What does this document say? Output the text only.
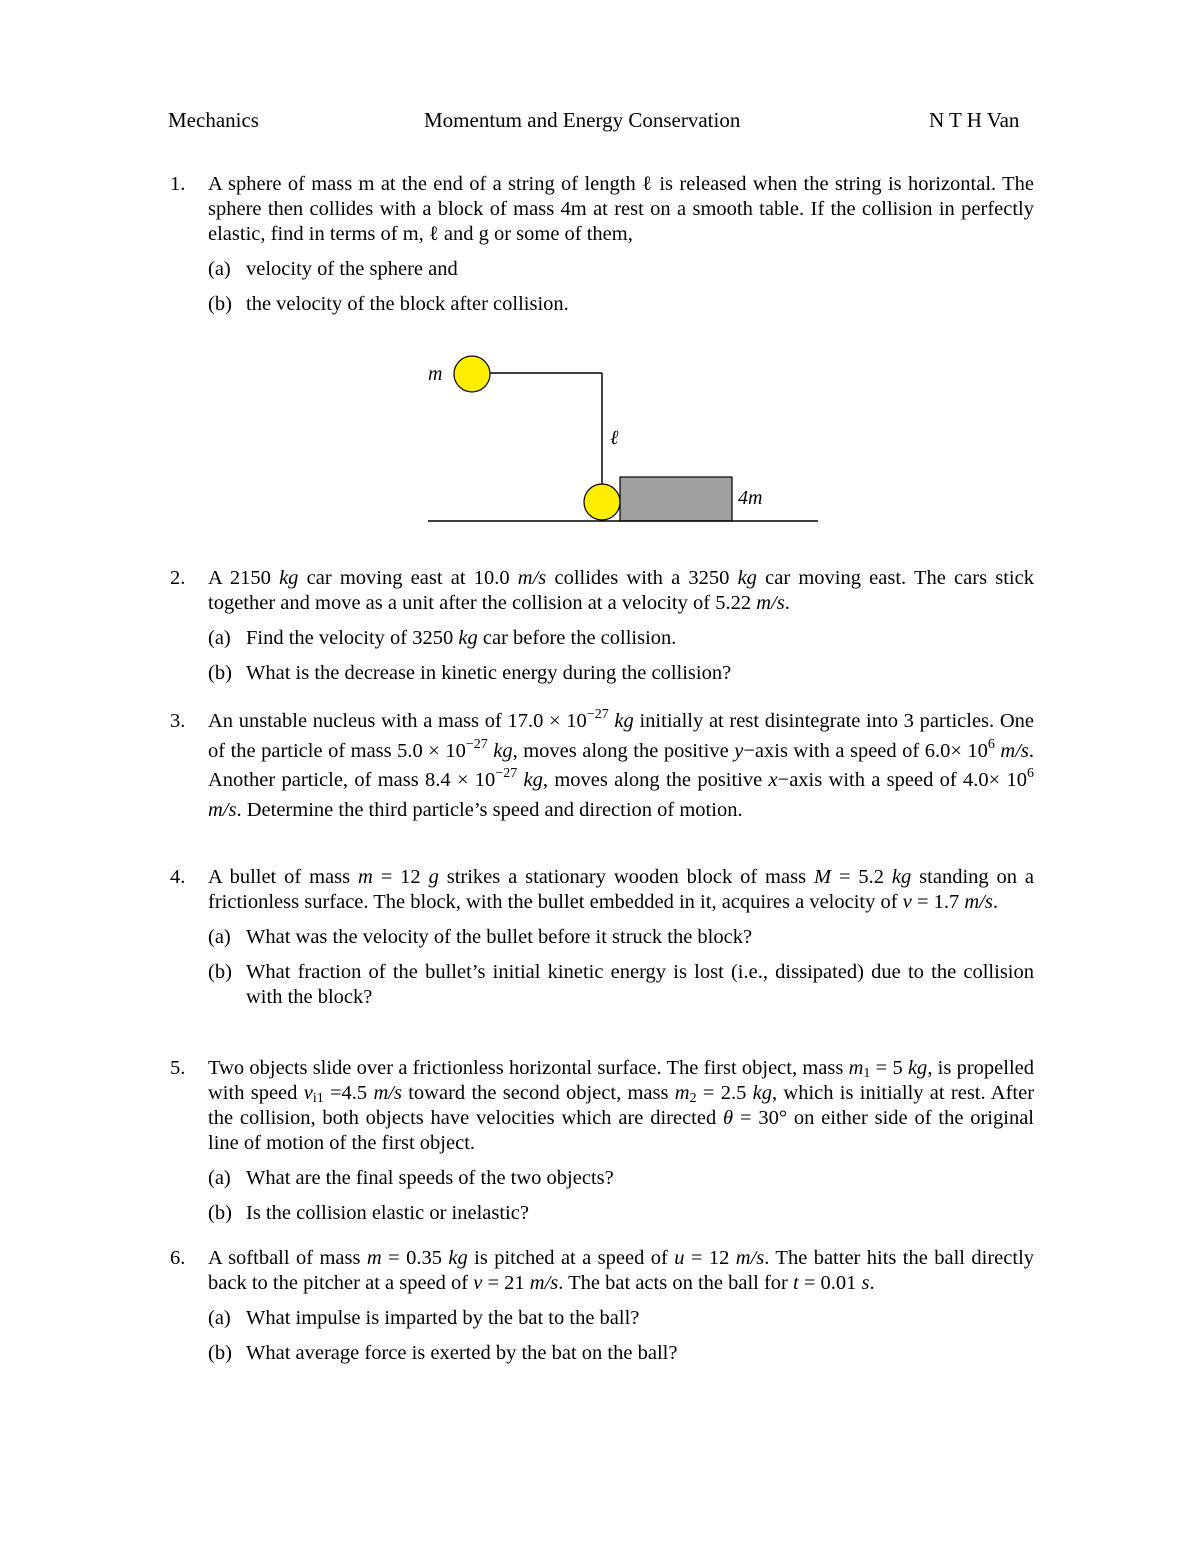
Mechanics	Momentum and Energy Conservation	N T H Van
1. A sphere of mass m at the end of a string of length ℓ is released when the string is horizontal. The sphere then collides with a block of mass 4m at rest on a smooth table. If the collision in perfectly elastic, find in terms of m, ℓ and g or some of them,
(a) velocity of the sphere and
(b) the velocity of the block after collision.
m
ℓ
4m
2. A 2150 kg car moving east at 10.0 m/s collides with a 3250 kg car moving east. The cars stick together and move as a unit after the collision at a velocity of 5.22 m/s.
(a) Find the velocity of 3250 kg car before the collision.
(b) What is the decrease in kinetic energy during the collision?
3. An unstable nucleus with a mass of $17.0 \times 10^{-27}$ kg initially at rest disintegrate into 3 particles. One of the particle of mass $5.0 \times 10^{-27}$ kg, moves along the positive y−axis with a speed of $6.0\times 10^6$ m/s. Another particle, of mass $8.4 \times 10^{-27}$ kg, moves along the positive x−axis with a speed of $4.0\times 10^6$ m/s. Determine the third particle’s speed and direction of motion.
4. A bullet of mass m = 12 g strikes a stationary wooden block of mass M = 5.2 kg standing on a frictionless surface. The block, with the bullet embedded in it, acquires a velocity of v = 1.7 m/s.
(a) What was the velocity of the bullet before it struck the block?
(b) What fraction of the bullet’s initial kinetic energy is lost (i.e., dissipated) due to the collision with the block?
5. Two objects slide over a frictionless horizontal surface. The first object, mass $m_1 = 5$ kg, is propelled with speed $v_{i1} =4.5$ m/s toward the second object, mass $m_2 = 2.5$ kg, which is initially at rest. After the collision, both objects have velocities which are directed θ = 30° on either side of the original line of motion of the first object.
(a) What are the final speeds of the two objects?
(b) Is the collision elastic or inelastic?
6. A softball of mass m = 0.35 kg is pitched at a speed of u = 12 m/s. The batter hits the ball directly back to the pitcher at a speed of v = 21 m/s. The bat acts on the ball for t = 0.01 s.
(a) What impulse is imparted by the bat to the ball?
(b) What average force is exerted by the bat on the ball?
